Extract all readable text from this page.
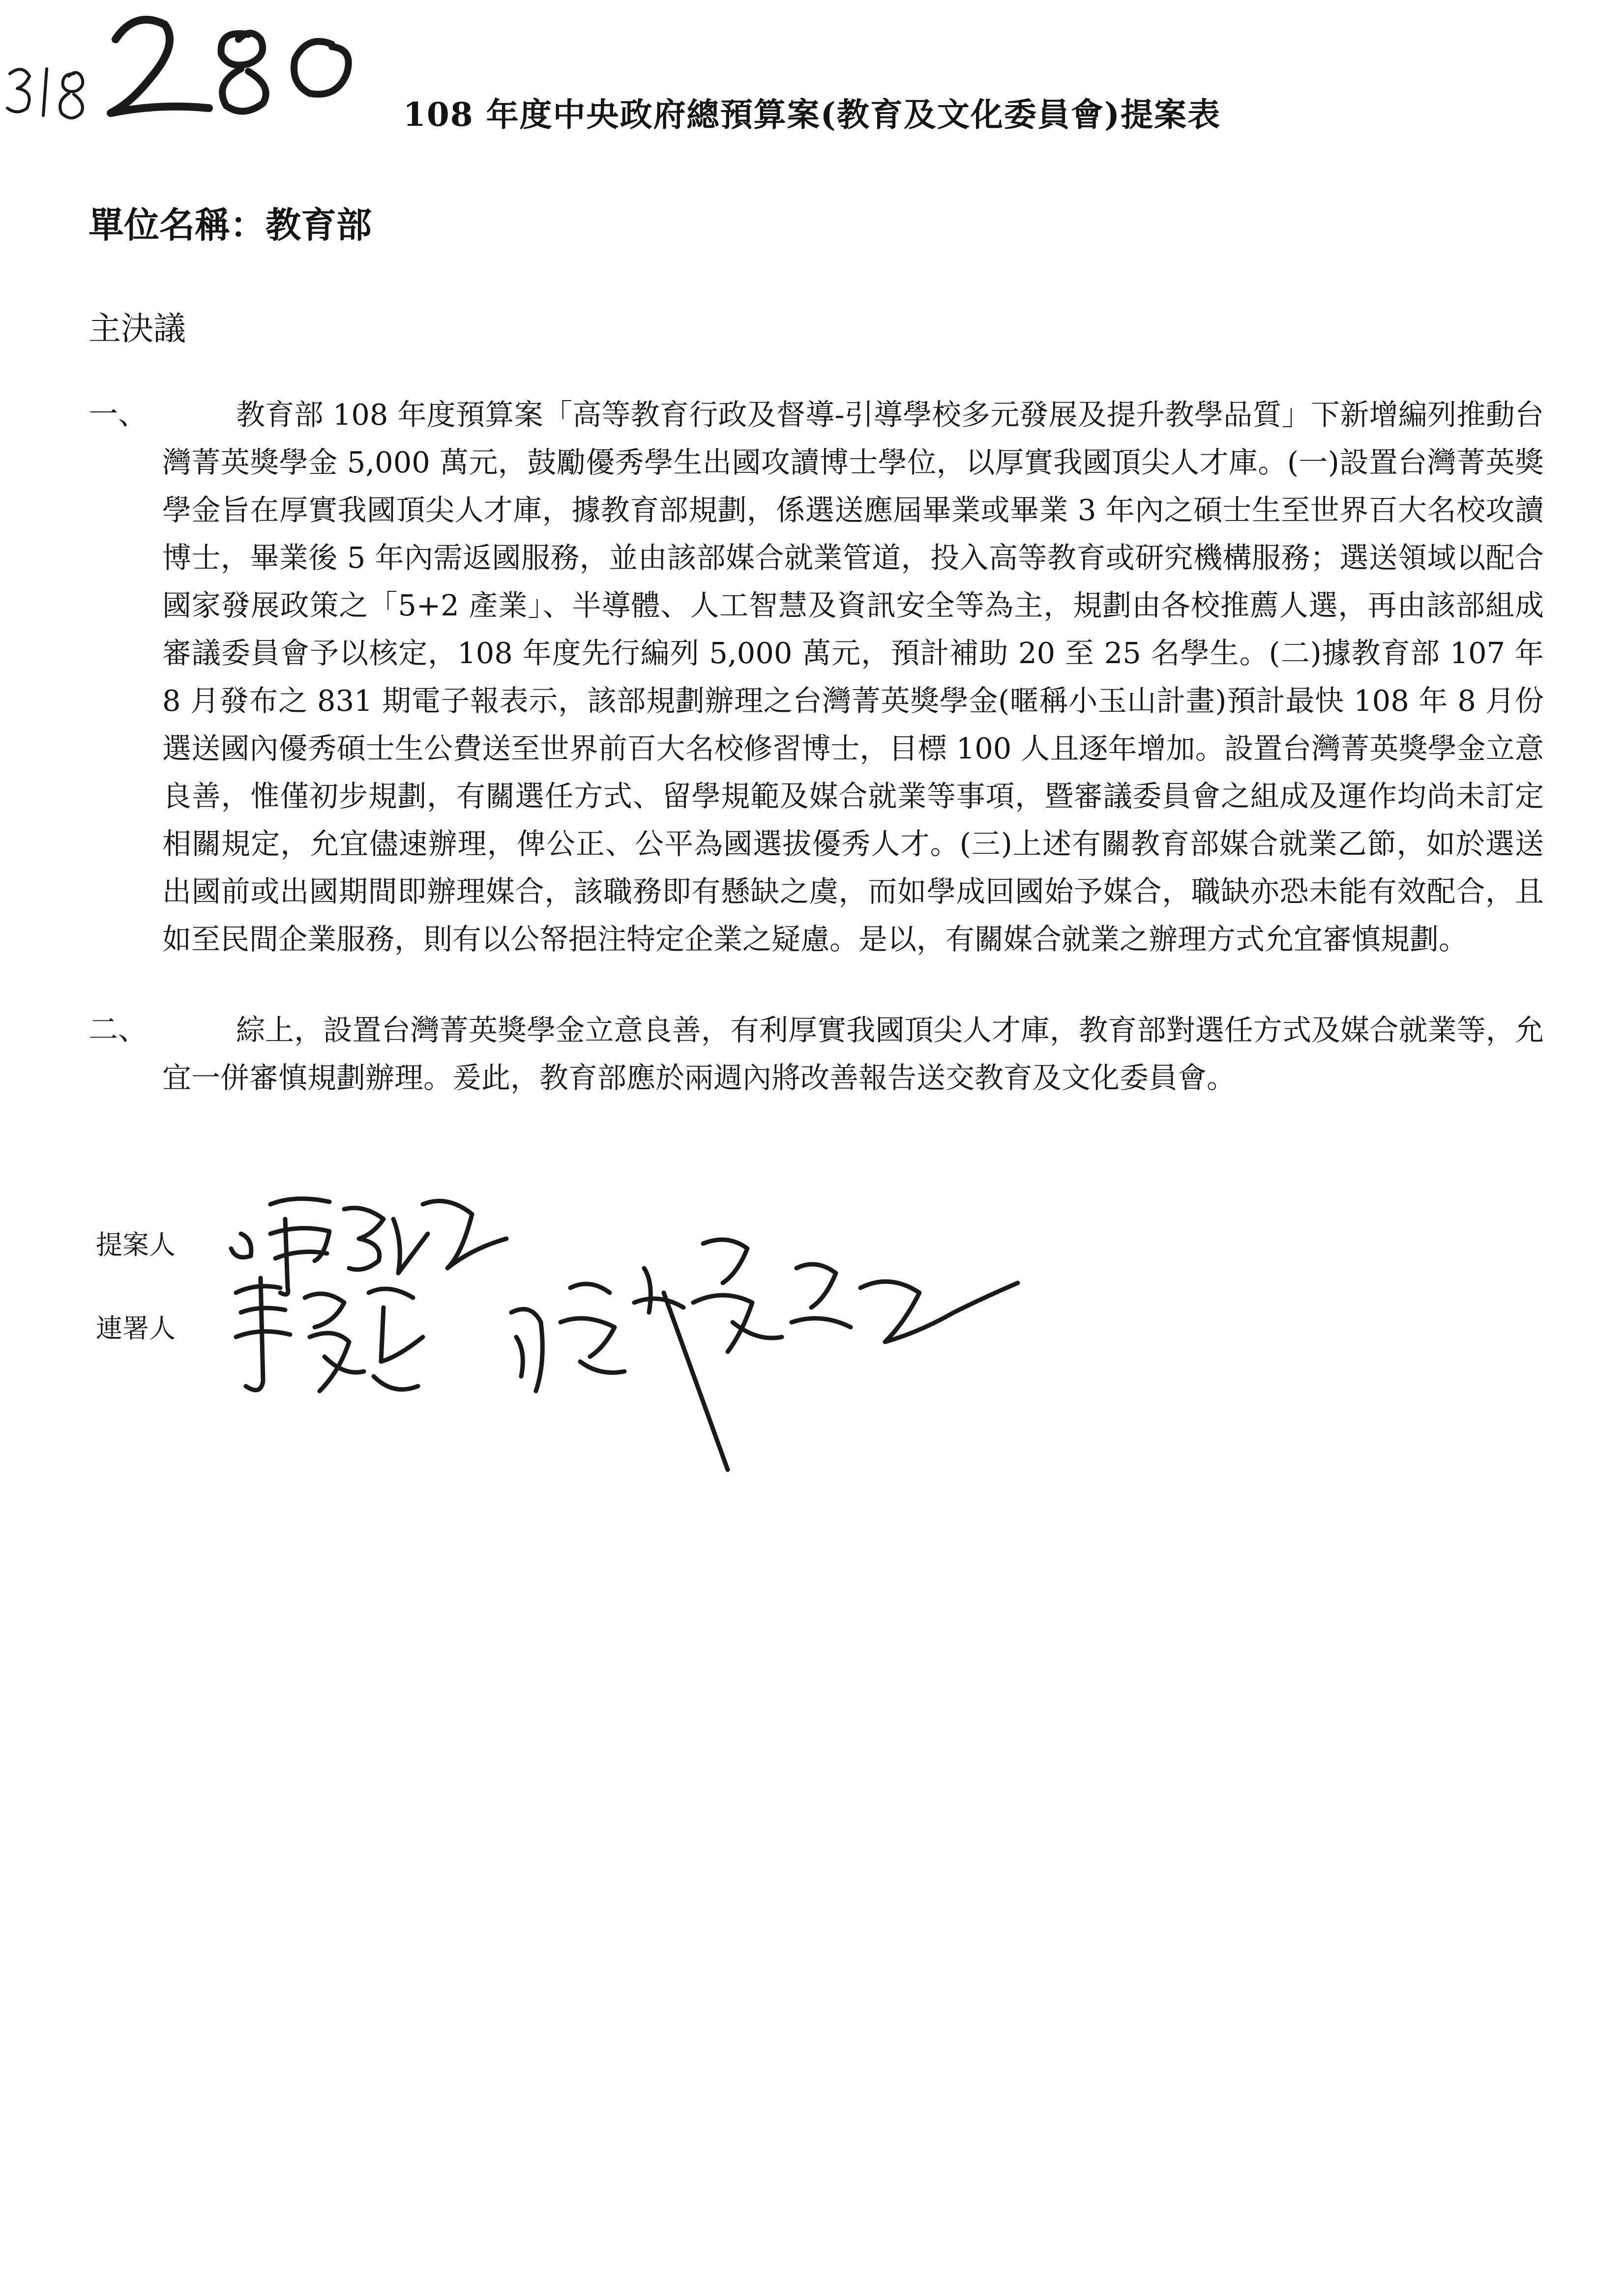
108 年度中央政府總預算案(教育及文化委員會)提案表
單位名稱：教育部
主決議
一、	教育部 108 年度預算案「高等教育行政及督導-引導學校多元發展及提升教學品質」下新增編列推動台灣菁英獎學金 5,000 萬元，鼓勵優秀學生出國攻讀博士學位，以厚實我國頂尖人才庫。(一)設置台灣菁英獎學金旨在厚實我國頂尖人才庫，據教育部規劃，係選送應屆畢業或畢業 3 年內之碩士生至世界百大名校攻讀博士，畢業後 5 年內需返國服務，並由該部媒合就業管道，投入高等教育或研究機構服務；選送領域以配合國家發展政策之「5+2 產業」、半導體、人工智慧及資訊安全等為主，規劃由各校推薦人選，再由該部組成審議委員會予以核定，108 年度先行編列 5,000 萬元，預計補助 20 至 25 名學生。(二)據教育部 107 年 8 月發布之 831 期電子報表示，該部規劃辦理之台灣菁英獎學金(暱稱小玉山計畫)預計最快 108 年 8 月份選送國內優秀碩士生公費送至世界前百大名校修習博士，目標 100 人且逐年增加。設置台灣菁英獎學金立意良善，惟僅初步規劃，有關選任方式、留學規範及媒合就業等事項，暨審議委員會之組成及運作均尚未訂定相關規定，允宜儘速辦理，俾公正、公平為國選拔優秀人才。(三)上述有關教育部媒合就業乙節，如於選送出國前或出國期間即辦理媒合，該職務即有懸缺之虞，而如學成回國始予媒合，職缺亦恐未能有效配合，且如至民間企業服務，則有以公帑挹注特定企業之疑慮。是以，有關媒合就業之辦理方式允宜審慎規劃。
二、	綜上，設置台灣菁英獎學金立意良善，有利厚實我國頂尖人才庫，教育部對選任方式及媒合就業等，允宜一併審慎規劃辦理。爰此，教育部應於兩週內將改善報告送交教育及文化委員會。
提案人
連署人
